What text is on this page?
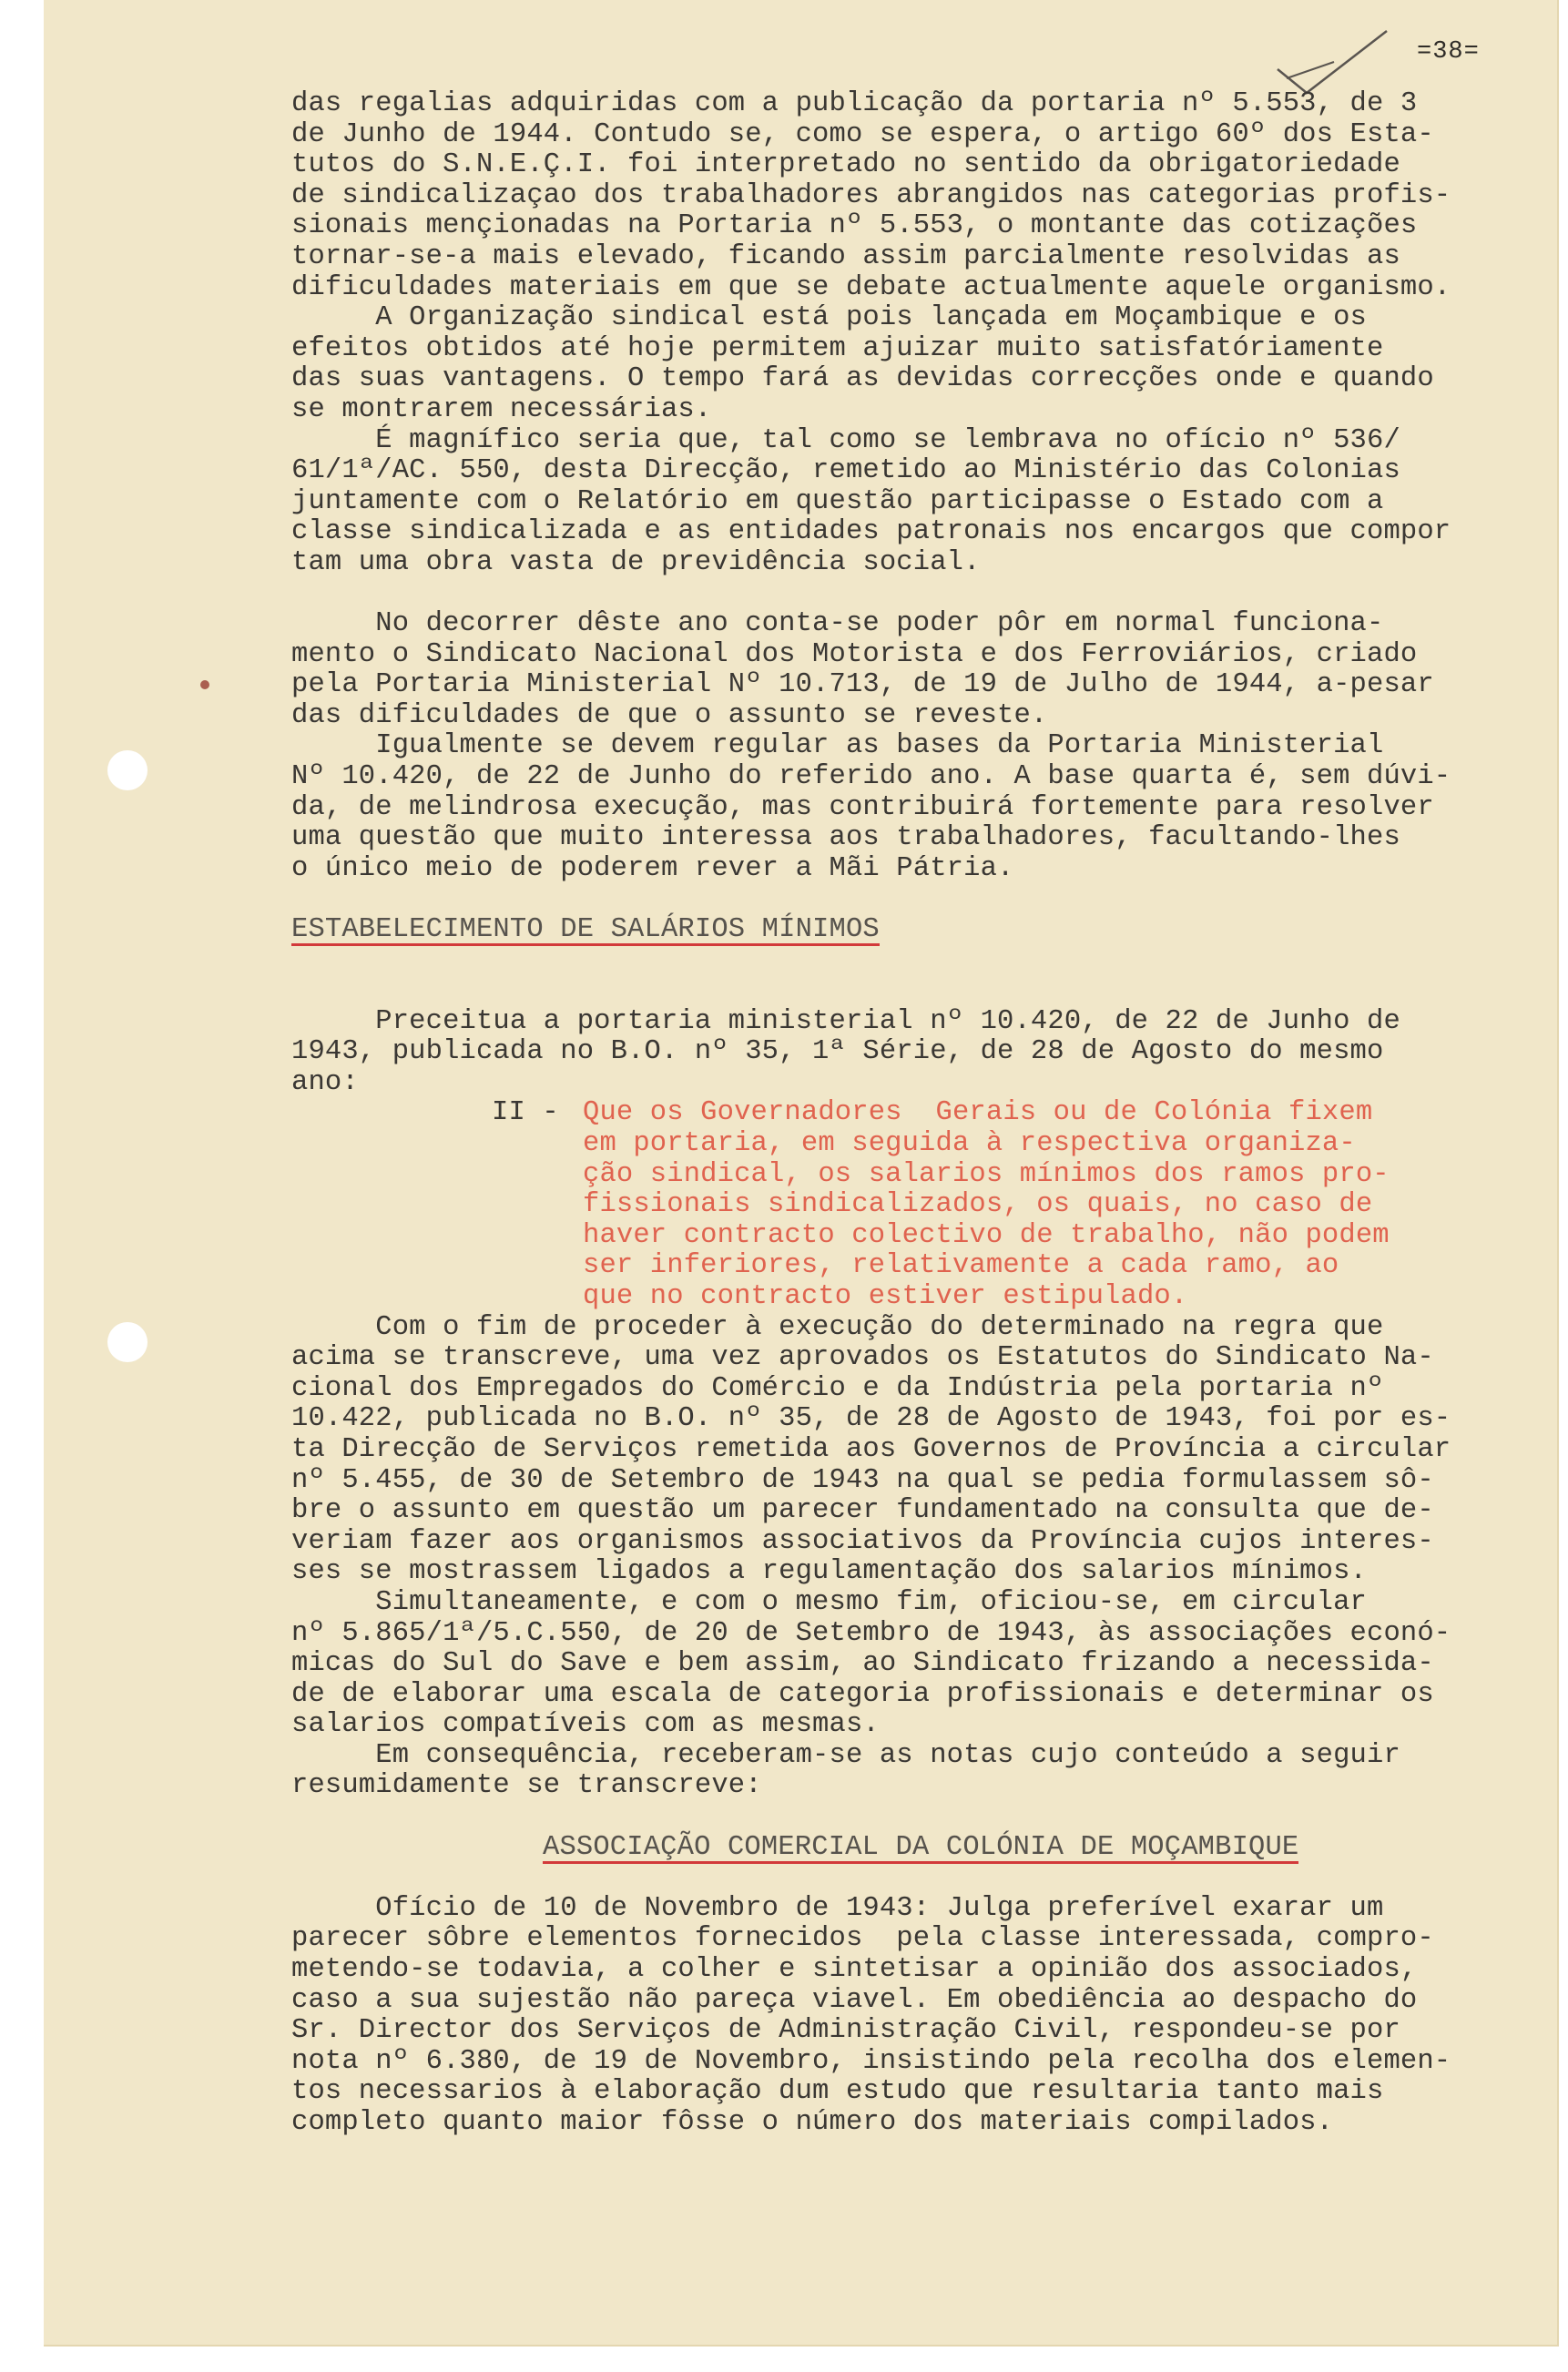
=38=
das regalias adquiridas com a publicação da portaria nº 5.553, de 3
de Junho de 1944. Contudo se, como se espera, o artigo 60º dos Esta-
tutos do S.N.E.Ç.I. foi interpretado no sentido da obrigatoriedade
de sindicalizaçao dos trabalhadores abrangidos nas categorias profis-
sionais mençionadas na Portaria nº 5.553, o montante das cotizações
tornar-se-a mais elevado, ficando assim parcialmente resolvidas as
dificuldades materiais em que se debate actualmente aquele organismo.
A Organização sindical está pois lançada em Moçambique e os
efeitos obtidos até hoje permitem ajuizar muito satisfatóriamente
das suas vantagens. O tempo fará as devidas correcções onde e quando
se montrarem necessárias.
É magnífico seria que, tal como se lembrava no ofício nº 536/
61/1ª/AC. 550, desta Direcção, remetido ao Ministério das Colonias
juntamente com o Relatório em questão participasse o Estado com a
classe sindicalizada e as entidades patronais nos encargos que compor
tam uma obra vasta de previdência social.
No decorrer dêste ano conta-se poder pôr em normal funciona-
mento o Sindicato Nacional dos Motorista e dos Ferroviários, criado
pela Portaria Ministerial Nº 10.713, de 19 de Julho de 1944, a-pesar
das dificuldades de que o assunto se reveste.
Igualmente se devem regular as bases da Portaria Ministerial
Nº 10.420, de 22 de Junho do referido ano. A base quarta é, sem dúvi-
da, de melindrosa execução, mas contribuirá fortemente para resolver
uma questão que muito interessa aos trabalhadores, facultando-lhes
o único meio de poderem rever a Mãi Pátria.
ESTABELECIMENTO DE SALÁRIOS MÍNIMOS
Preceitua a portaria ministerial nº 10.420, de 22 de Junho de
1943, publicada no B.O. nº 35, 1ª Série, de 28 de Agosto do mesmo
ano:
II - Que os Governadores  Gerais ou de Colónia fixem
em portaria, em seguida à respectiva organiza-
ção sindical, os salarios mínimos dos ramos pro-
fissionais sindicalizados, os quais, no caso de
haver contracto colectivo de trabalho, não podem
ser inferiores, relativamente a cada ramo, ao
que no contracto estiver estipulado.
Com o fim de proceder à execução do determinado na regra que
acima se transcreve, uma vez aprovados os Estatutos do Sindicato Na-
cional dos Empregados do Comércio e da Indústria pela portaria nº
10.422, publicada no B.O. nº 35, de 28 de Agosto de 1943, foi por es-
ta Direcção de Serviços remetida aos Governos de Província a circular
nº 5.455, de 30 de Setembro de 1943 na qual se pedia formulassem sô-
bre o assunto em questão um parecer fundamentado na consulta que de-
veriam fazer aos organismos associativos da Província cujos interes-
ses se mostrassem ligados a regulamentação dos salarios mínimos.
Simultaneamente, e com o mesmo fim, oficiou-se, em circular
nº 5.865/1ª/5.C.550, de 20 de Setembro de 1943, às associações econó-
micas do Sul do Save e bem assim, ao Sindicato frizando a necessida-
de de elaborar uma escala de categoria profissionais e determinar os
salarios compatíveis com as mesmas.
Em consequência, receberam-se as notas cujo conteúdo a seguir
resumidamente se transcreve:
ASSOCIAÇÃO COMERCIAL DA COLÓNIA DE MOÇAMBIQUE
Ofício de 10 de Novembro de 1943: Julga preferível exarar um
parecer sôbre elementos fornecidos  pela classe interessada, compro-
metendo-se todavia, a colher e sintetisar a opinião dos associados,
caso a sua sujestão não pareça viavel. Em obediência ao despacho do
Sr. Director dos Serviços de Administração Civil, respondeu-se por
nota nº 6.380, de 19 de Novembro, insistindo pela recolha dos elemen-
tos necessarios à elaboração dum estudo que resultaria tanto mais
completo quanto maior fôsse o número dos materiais compilados.
